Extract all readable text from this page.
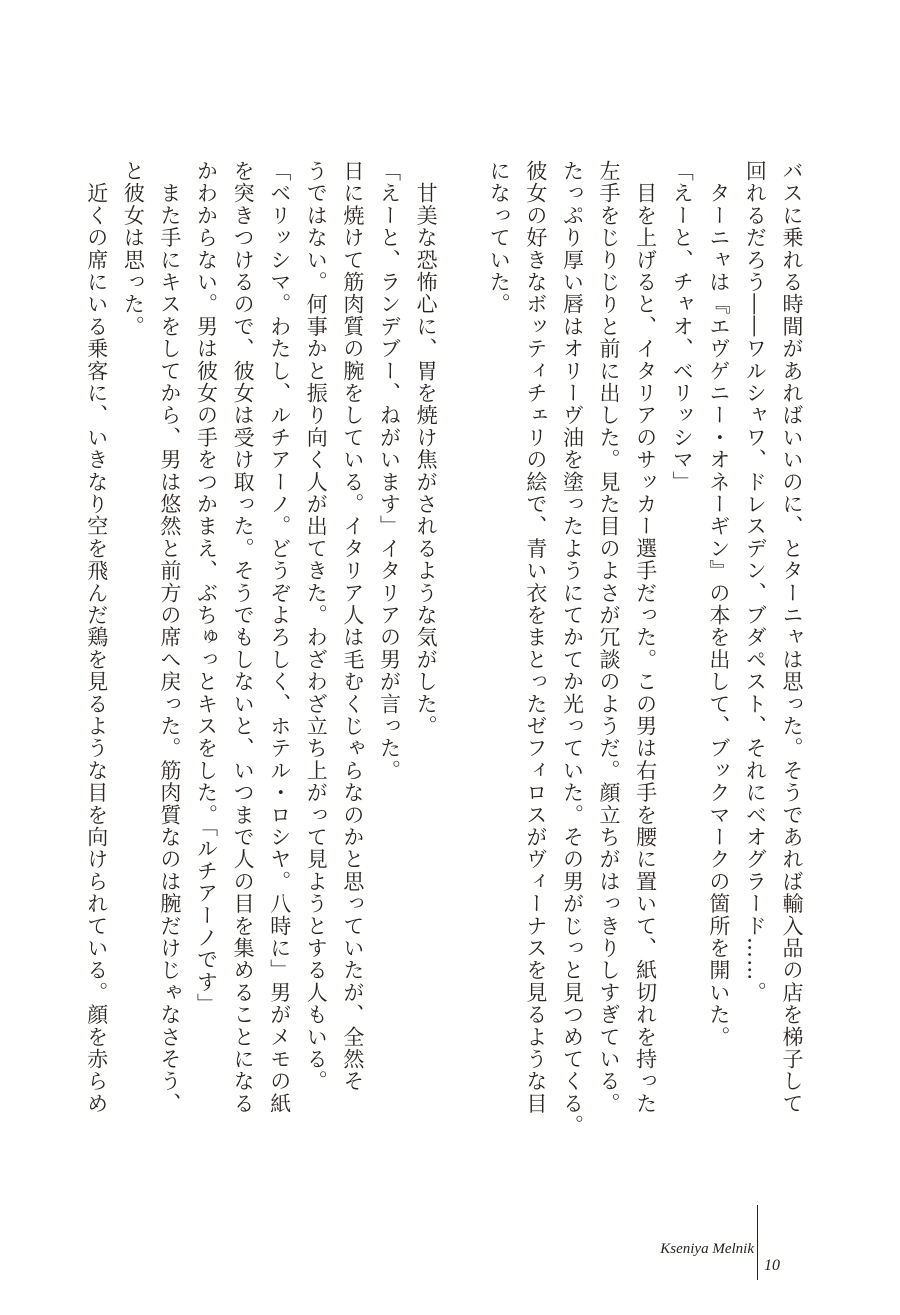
バスに乗れる時間があればいいのに、とターニャは思った。そうであれば輸入品の店を梯子して

回れるだろう――ワルシャワ、ドレスデン、ブダペスト、それにベオグラード……。

　ターニャは『エヴゲニー・オネーギン』の本を出して、ブックマークの箇所を開いた。

「えーと、チャオ、ベリッシマ」

　目を上げると、イタリアのサッカー選手だった。この男は右手を腰に置いて、紙切れを持った

左手をじりじりと前に出した。見た目のよさが冗談のようだ。顔立ちがはっきりしすぎている。

たっぷり厚い唇はオリーヴ油を塗ったようにてかてか光っていた。その男がじっと見つめてくる。

彼女の好きなボッティチェリの絵で、青い衣をまとったゼフィロスがヴィーナスを見るような目

になっていた。

　甘美な恐怖心に、胃を焼け焦がされるような気がした。

「えーと、ランデブー、ねがいます」イタリアの男が言った。

日に焼けて筋肉質の腕をしている。イタリア人は毛むくじゃらなのかと思っていたが、全然そ

うではない。何事かと振り向く人が出てきた。わざわざ立ち上がって見ようとする人もいる。

「ベリッシマ。わたし、ルチアーノ。どうぞよろしく、ホテル・ロシヤ。八時に」男がメモの紙

を突きつけるので、彼女は受け取った。そうでもしないと、いつまで人の目を集めることになる

かわからない。男は彼女の手をつかまえ、ぶちゅっとキスをした。「ルチアーノです」

　また手にキスをしてから、男は悠然と前方の席へ戻った。筋肉質なのは腕だけじゃなさそう、

と彼女は思った。

　近くの席にいる乗客に、いきなり空を飛んだ鶏を見るような目を向けられている。顔を赤らめ

Kseniya Melnik
10
